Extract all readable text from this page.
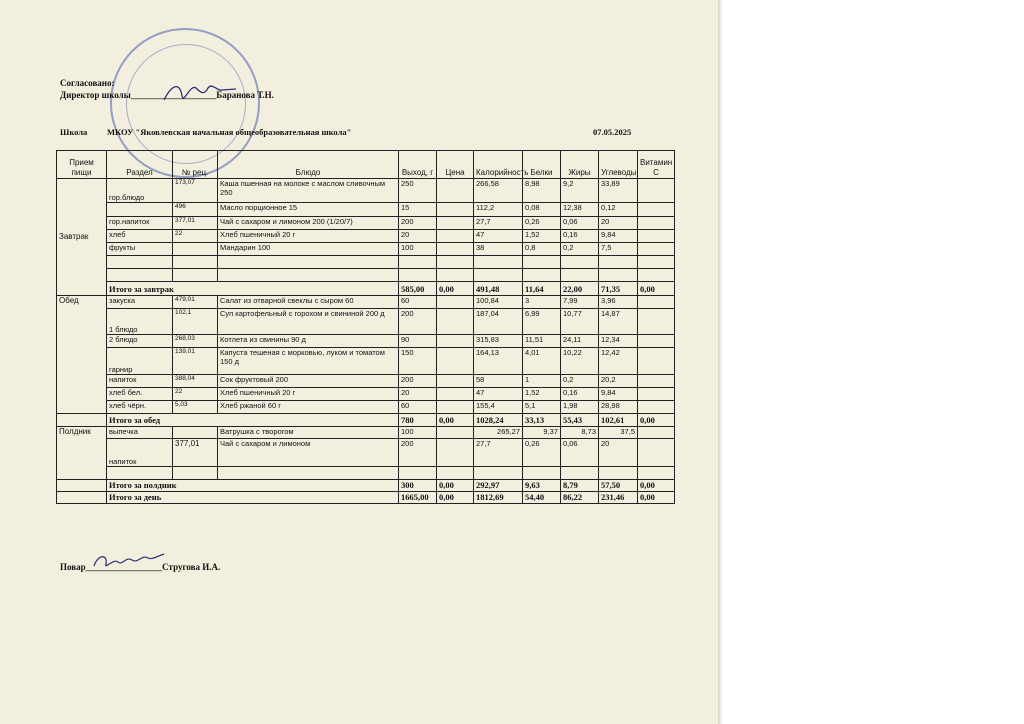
Согласовано:
Директор школы___________________Баранова Т.Н.
Школа МКОУ "Яковлевская начальная общеобразовательная школа"	07.05.2025
Прием пищи	Раздел	№ рец.	Блюдо	Выход, г	Цена	Калорийность	Белки	Жиры	Углеводы	Витамин С
Завтрак	гор.блюдо	173,07	Каша пшенная на молоке с маслом сливочным 250	250		266,58	8,98	9,2	33,89	
		496	Масло порционное 15	15		112,2	0,08	12,38	0,12	
	гор.напиток	377,01	Чай с сахаром и лимоном 200 (1/20/7)	200		27,7	0,26	0,06	20	
	хлеб	22	Хлеб пшеничный 20 г	20		47	1,52	0,16	9,84	
	фрукты		Мандарин 100	100		38	0,8	0,2	7,5	

	Итого за завтрак			585,00	0,00	491,48	11,64	22,00	71,35	0,00
Обед	закуска	479,01	Салат из отварной свеклы с сыром 60	60		100,84	3	7,99	3,96	
	1 блюдо	102,1	Суп картофельный с горохом и свининой 200 д	200		187,04	6,99	10,77	14,87	
	2 блюдо	268,03	Котлета из свинины 90 д	90		315,83	11,51	24,11	12,34	
	гарнир	139,01	Капуста тешеная с морковью, луком и томатом 150 д	150		164,13	4,01	10,22	12,42	
	напиток	388,04	Сок фруктовый 200	200		58	1	0,2	20,2	
	хлеб бел.	22	Хлеб пшеничный 20 г	20		47	1,52	0,16	9,84	
	хлеб чёрн.	5,03	Хлеб ржаной 60 г	60		155,4	5,1	1,98	28,98	
	Итого за обед			780	0,00	1028,24	33,13	55,43	102,61	0,00
Полдник	выпечка		Ватрушка с творогом	100		265,27	9,37	8,73	37,5	
	напиток	377,01	Чай с сахаром и лимоном	200		27,7	0,26	0,06	20	

	Итого за полдник			300	0,00	292,97	9,63	8,79	57,50	0,00
	Итого за день			1665,00	0,00	1812,69	54,40	86,22	231,46	0,00
Повар_________________Стругова И.А.
